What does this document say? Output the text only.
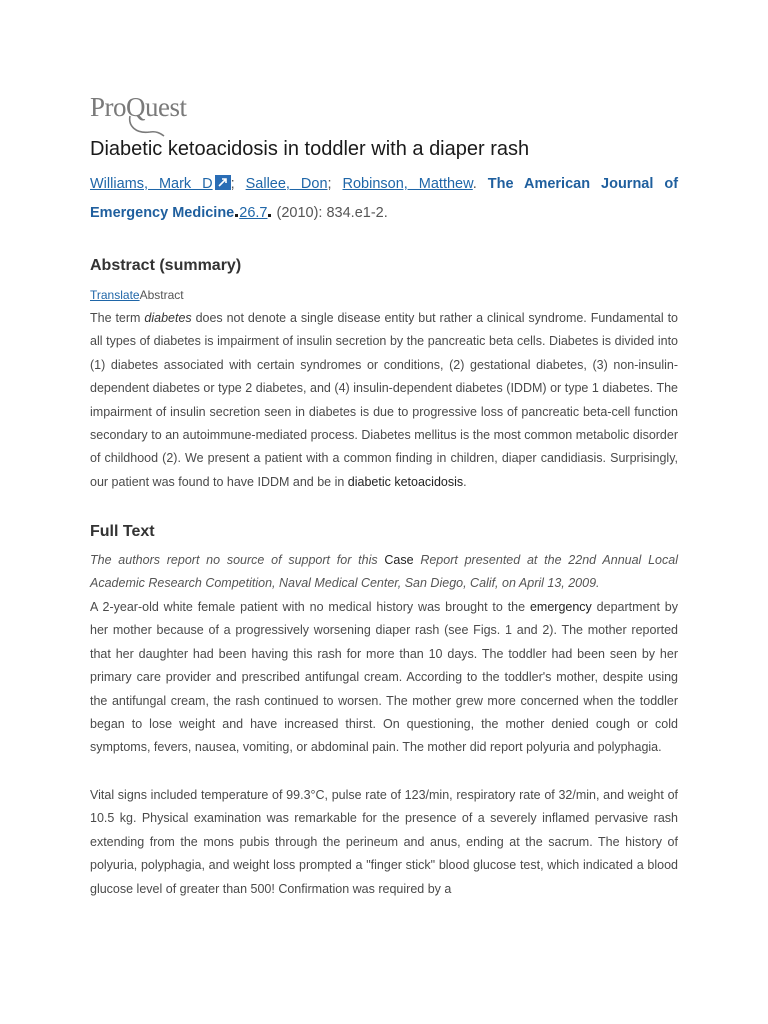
ProQuest
Diabetic ketoacidosis in toddler with a diaper rash
Williams, Mark D ; Sallee, Don; Robinson, Matthew. The American Journal of Emergency Medicine 26.7 (2010): 834.e1-2.
Abstract (summary)
TranslateAbstract

The term diabetes does not denote a single disease entity but rather a clinical syndrome. Fundamental to all types of diabetes is impairment of insulin secretion by the pancreatic beta cells. Diabetes is divided into (1) diabetes associated with certain syndromes or conditions, (2) gestational diabetes, (3) non-insulin-dependent diabetes or type 2 diabetes, and (4) insulin-dependent diabetes (IDDM) or type 1 diabetes. The impairment of insulin secretion seen in diabetes is due to progressive loss of pancreatic beta-cell function secondary to an autoimmune-mediated process. Diabetes mellitus is the most common metabolic disorder of childhood (2). We present a patient with a common finding in children, diaper candidiasis. Surprisingly, our patient was found to have IDDM and be in diabetic ketoacidosis.

Full Text

The authors report no source of support for this Case Report presented at the 22nd Annual Local Academic Research Competition, Naval Medical Center, San Diego, Calif, on April 13, 2009.

A 2-year-old white female patient with no medical history was brought to the emergency department by her mother because of a progressively worsening diaper rash (see Figs. 1 and 2). The mother reported that her daughter had been having this rash for more than 10 days. The toddler had been seen by her primary care provider and prescribed antifungal cream. According to the toddler's mother, despite using the antifungal cream, the rash continued to worsen. The mother grew more concerned when the toddler began to lose weight and have increased thirst. On questioning, the mother denied cough or cold symptoms, fevers, nausea, vomiting, or abdominal pain. The mother did report polyuria and polyphagia.

Vital signs included temperature of 99.3°C, pulse rate of 123/min, respiratory rate of 32/min, and weight of 10.5 kg. Physical examination was remarkable for the presence of a severely inflamed pervasive rash extending from the mons pubis through the perineum and anus, ending at the sacrum. The history of polyuria, polyphagia, and weight loss prompted a "finger stick" blood glucose test, which indicated a blood glucose level of greater than 500! Confirmation was required by a
